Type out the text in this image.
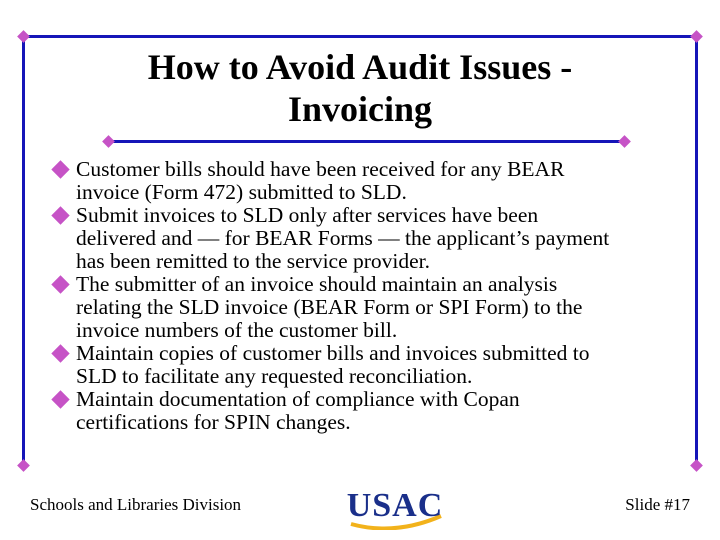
How to Avoid Audit Issues -
Invoicing
Customer bills should have been received for any BEAR
invoice (Form 472) submitted to SLD.
Submit invoices to SLD only after services have been
delivered and — for BEAR Forms — the applicant’s payment
has been remitted to the service provider.
The submitter of an invoice should maintain an analysis
relating the SLD invoice (BEAR Form or SPI Form) to the
invoice numbers of the customer bill.
Maintain copies of customer bills and invoices submitted to
SLD to facilitate any requested reconciliation.
Maintain documentation of compliance with Copan
certifications for SPIN changes.
Schools and Libraries Division	USAC	Slide #17
